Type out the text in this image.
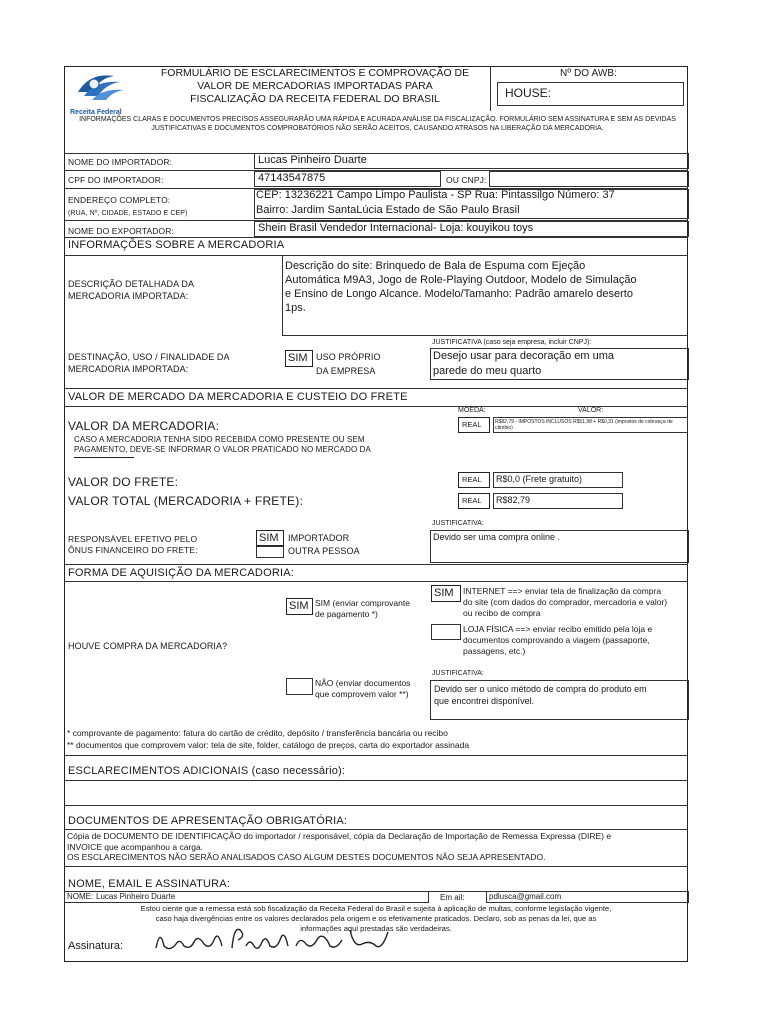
Receita Federal
FORMULÁRIO DE ESCLARECIMENTOS E COMPROVAÇÃO DE
VALOR DE MERCADORIAS IMPORTADAS PARA
FISCALIZAÇÃO DA RECEITA FEDERAL DO BRASIL
Nº DO AWB:
HOUSE:
INFORMAÇÕES CLARAS E DOCUMENTOS PRECISOS ASSEGURARÃO UMA RÁPIDA E ACURADA ANÁLISE DA FISCALIZAÇÃO. FORMULÁRIO SEM ASSINATURA E SEM AS DEVIDAS JUSTIFICATIVAS E DOCUMENTOS COMPROBATÓRIOS NÃO SERÃO ACEITOS, CAUSANDO ATRASOS NA LIBERAÇÃO DA MERCADORIA.
NOME DO IMPORTADOR:	Lucas Pinheiro Duarte
CPF DO IMPORTADOR:	47143547875	OU CNPJ:
ENDEREÇO COMPLETO:
(RUA, Nº, CIDADE, ESTADO E CEP)
CEP: 13236221 Campo Limpo Paulista - SP Rua: Pintassilgo Número: 37
Bairro: Jardim SantaLúcia Estado de São Paulo Brasil
NOME DO EXPORTADOR:	Shein Brasil Vendedor Internacional- Loja: kouyikou toys
INFORMAÇÕES SOBRE A MERCADORIA
DESCRIÇÃO DETALHADA DA
MERCADORIA IMPORTADA:
Descrição do site: Brinquedo de Bala de Espuma com Ejeção
Automática M9A3, Jogo de Role-Playing Outdoor, Modelo de Simulação
e Ensino de Longo Alcance. Modelo/Tamanho: Padrão amarelo deserto
1ps.
JUSTIFICATIVA (caso seja empresa, incluir CNPJ):
DESTINAÇÃO, USO / FINALIDADE DA
MERCADORIA IMPORTADA:
SIM USO PRÓPRIO
DA EMPRESA
Desejo usar para decoração em uma
parede do meu quarto
VALOR DE MERCADO DA MERCADORIA E CUSTEIO DO FRETE
MOEDA:	VALOR:
VALOR DA MERCADORIA:
CASO A MERCADORIA TENHA SIDO RECEBIDA COMO PRESENTE OU SEM
PAGAMENTO, DEVE-SE INFORMAR O VALOR PRATICADO NO MERCADO DA
REAL	R$82,79 - IMPOSTOS INCLUSOS R$51,98 + R$0,31 (impostos de cobrança de câmbio)
VALOR DO FRETE:	REAL	R$0,0 (Frete gratuito)
VALOR TOTAL (MERCADORIA + FRETE):	REAL	R$82,79
JUSTIFICATIVA:
RESPONSÁVEL EFETIVO PELO
ÔNUS FINANCEIRO DO FRETE:
SIM	IMPORTADOR
OUTRA PESSOA
Devido ser uma compra online .
FORMA DE AQUISIÇÃO DA MERCADORIA:
HOUVE COMPRA DA MERCADORIA?
SIM SIM (enviar comprovante
de pagamento *)
NÃO (enviar documentos
que comprovem valor **)
SIM	INTERNET ==> enviar tela de finalização da compra
do site (com dados do comprador, mercadoria e valor)
ou recibo de compra
LOJA FÍSICA ==> enviar recibo emitido pela loja e
documentos comprovando a viagem (passaporte,
passagens, etc.)
JUSTIFICATIVA:
Devido ser o unico método de compra do produto em
que encontrei disponível.
* comprovante de pagamento: fatura do cartão de crédito, depósito / transferência bancária ou recibo
** documentos que comprovem valor: tela de site, folder, catálogo de preços, carta do exportador assinada
ESCLARECIMENTOS ADICIONAIS (caso necessário):
DOCUMENTOS DE APRESENTAÇÃO OBRIGATÓRIA:
Cópia de DOCUMENTO DE IDENTIFICAÇÃO do importador / responsável, cópia da Declaração de Importação de Remessa Expressa (DIRE) e
INVOICE que acompanhou a carga.
OS ESCLARECIMENTOS NÃO SERÃO ANALISADOS CASO ALGUM DESTES DOCUMENTOS NÃO SEJA APRESENTADO.
NOME, EMAIL E ASSINATURA:
NOME: Lucas Pinheiro Duarte	Em ail:	pdlusca@gmail.com
Estou ciente que a remessa está sob fiscalização da Receita Federal do Brasil e sujeita à aplicação de multas, conforme legislação vigente,
caso haja divergências entre os valores declarados pela origem e os efetivamente praticados. Declaro, sob as penas da lei, que as
informações aqui prestadas são verdadeiras.
Assinatura:
